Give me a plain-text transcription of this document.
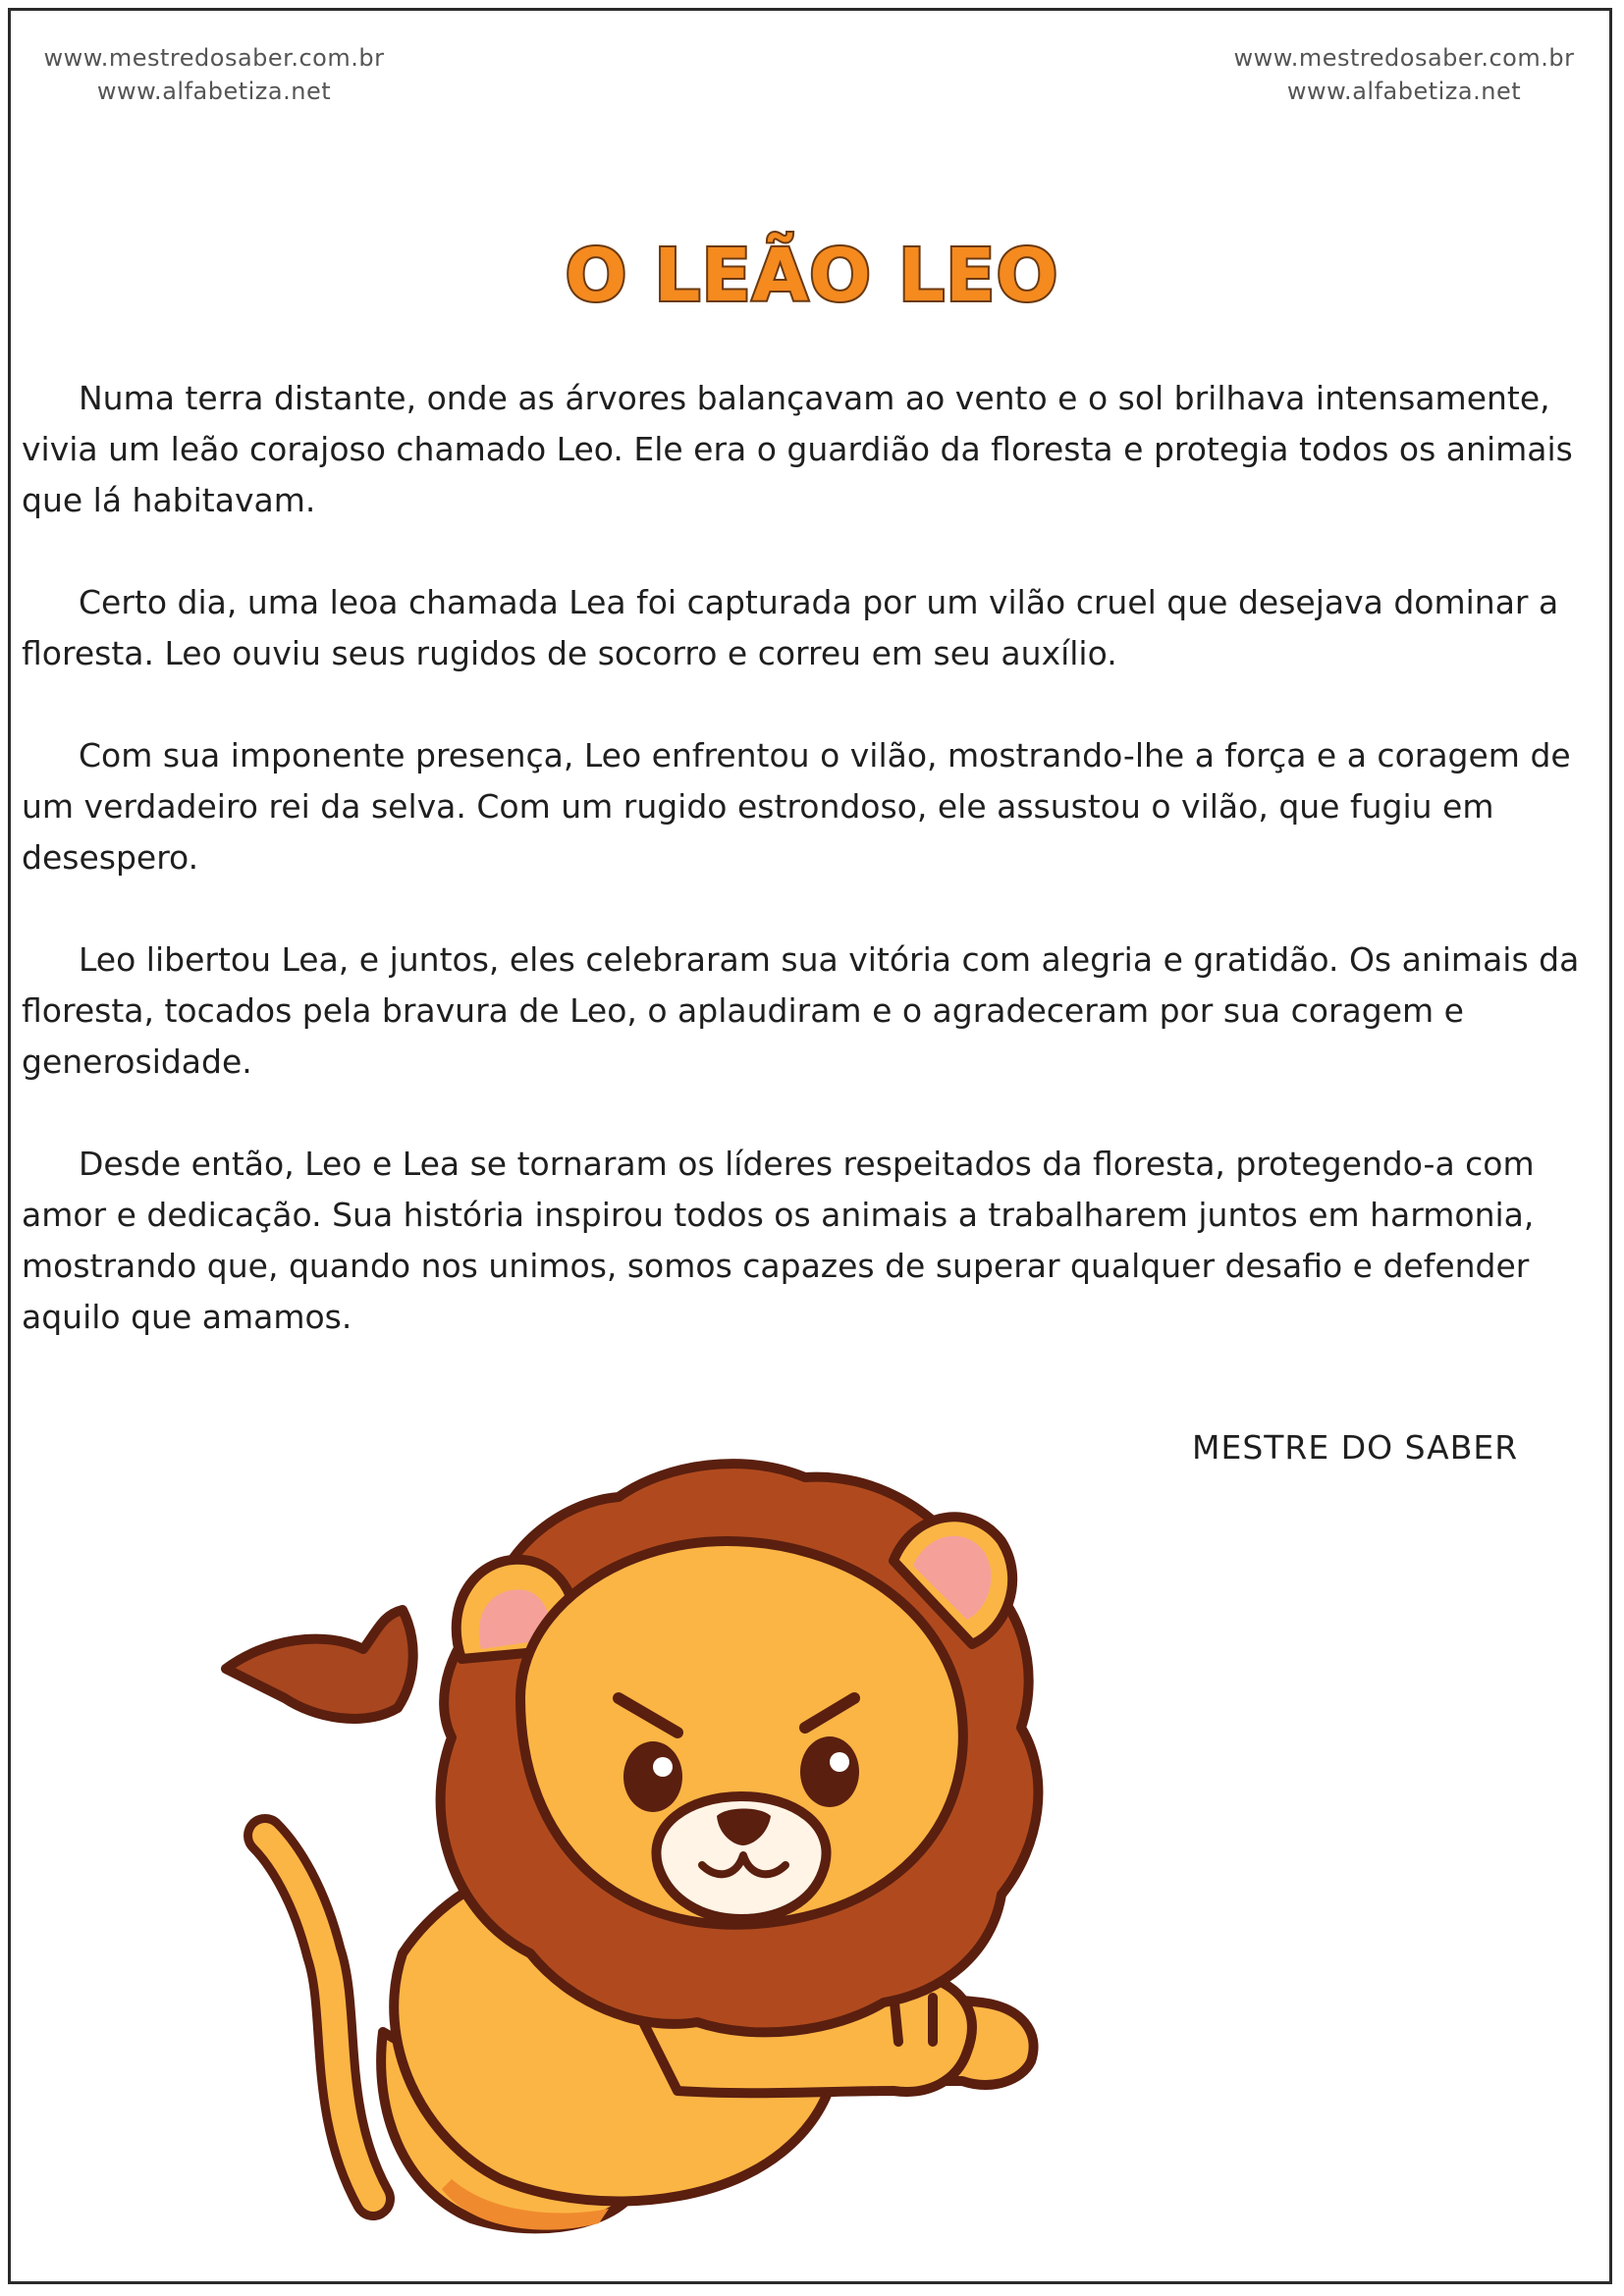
www.mestredosaber.com.br
www.alfabetiza.net
www.mestredosaber.com.br
www.alfabetiza.net
O LEÃO LEO

Numa terra distante, onde as árvores balançavam ao vento e o sol brilhava intensamente, vivia um leão corajoso chamado Leo. Ele era o guardião da floresta e protegia todos os animais que lá habitavam.

Certo dia, uma leoa chamada Lea foi capturada por um vilão cruel que desejava dominar a floresta. Leo ouviu seus rugidos de socorro e correu em seu auxílio.

Com sua imponente presença, Leo enfrentou o vilão, mostrando-lhe a força e a coragem de um verdadeiro rei da selva. Com um rugido estrondoso, ele assustou o vilão, que fugiu em desespero.

Leo libertou Lea, e juntos, eles celebraram sua vitória com alegria e gratidão. Os animais da floresta, tocados pela bravura de Leo, o aplaudiram e o agradeceram por sua coragem e generosidade.

Desde então, Leo e Lea se tornaram os líderes respeitados da floresta, protegendo-a com amor e dedicação. Sua história inspirou todos os animais a trabalharem juntos em harmonia, mostrando que, quando nos unimos, somos capazes de superar qualquer desafio e defender aquilo que amamos.

MESTRE DO SABER
